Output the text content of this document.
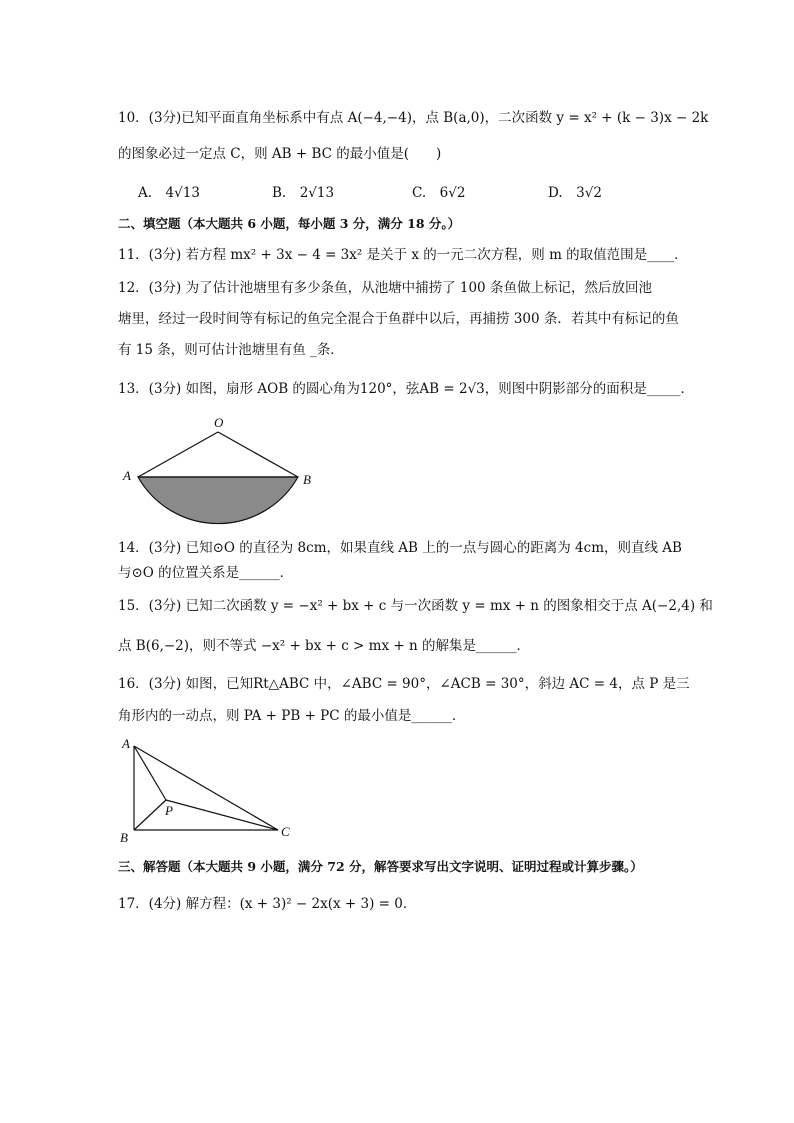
10．(3分)已知平面直角坐标系中有点 A(−4,−4)，点 B(a,0)，二次函数 y = x² + (k − 3)x − 2k
的图象必过一定点 C，则 AB + BC 的最小值是(　　)
A.　4√13	B.　2√13	C.　6√2	D.　3√2
二、填空题（本大题共 6 小题，每小题 3 分，满分 18 分。）
11．(3分) 若方程 mx² + 3x − 4 = 3x² 是关于 x 的一元二次方程，则 m 的取值范围是____．
12．(3分) 为了估计池塘里有多少条鱼，从池塘中捕捞了 100 条鱼做上标记，然后放回池
塘里，经过一段时间等有标记的鱼完全混合于鱼群中以后，再捕捞 300 条．若其中有标记的鱼
有 15 条，则可估计池塘里有鱼 _条．
13．(3分) 如图，扇形 AOB 的圆心角为120°，弦AB = 2√3，则图中阴影部分的面积是_____．
O
A	B
14．(3分) 已知⊙O 的直径为 8cm，如果直线 AB 上的一点与圆心的距离为 4cm，则直线 AB
与⊙O 的位置关系是______．
15．(3分) 已知二次函数 y = −x² + bx + c 与一次函数 y = mx + n 的图象相交于点 A(−2,4) 和
点 B(6,−2)，则不等式 −x² + bx + c > mx + n 的解集是______．
16．(3分) 如图，已知Rt△ABC 中，∠ABC = 90°，∠ACB = 30°，斜边 AC = 4，点 P 是三
角形内的一动点，则 PA + PB + PC 的最小值是______．
A
B	C
P
三、解答题（本大题共 9 小题，满分 72 分，解答要求写出文字说明、证明过程或计算步骤。）
17．(4分) 解方程：(x + 3)² − 2x(x + 3) = 0．
